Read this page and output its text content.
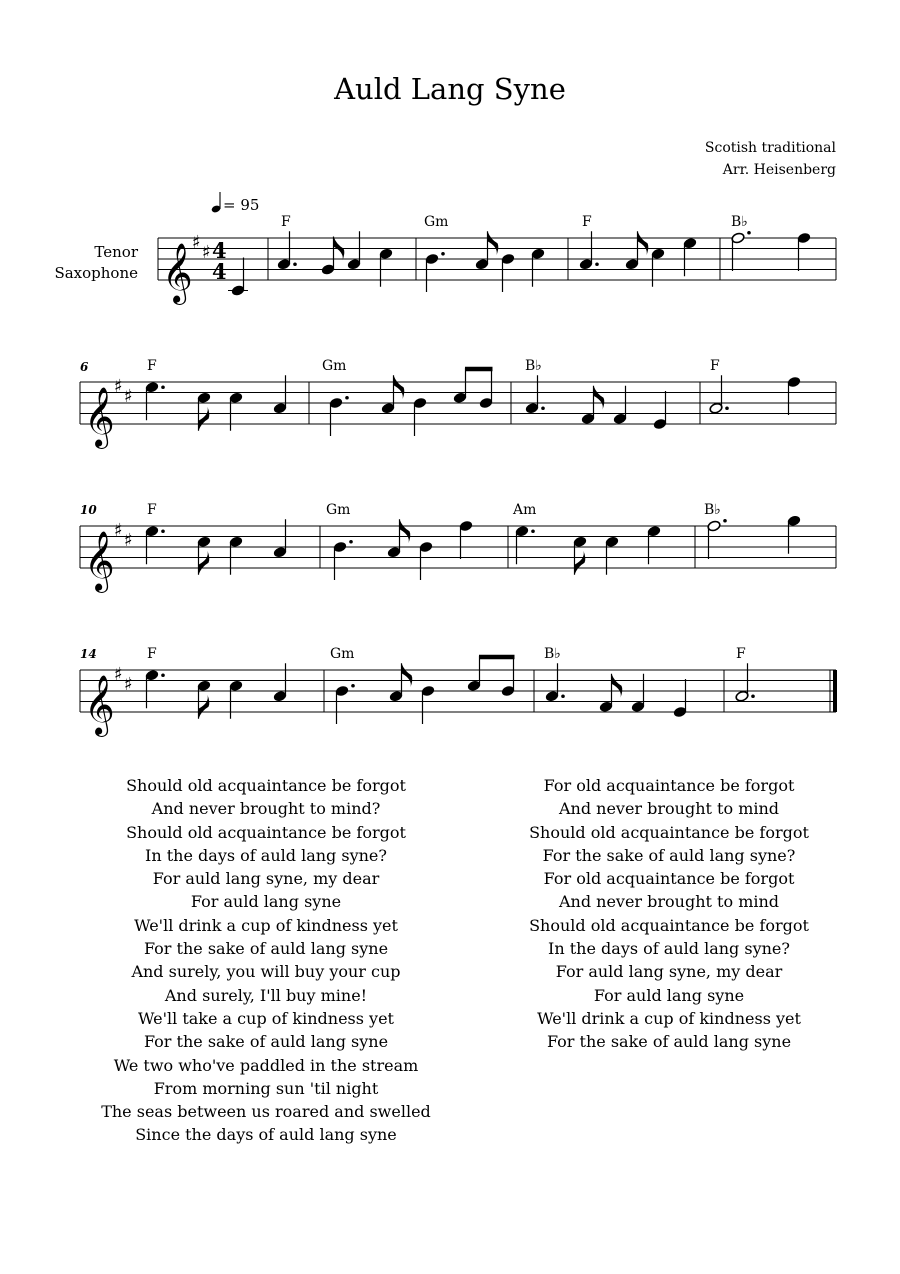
Auld Lang Syne
Scotish traditional
Arr. Heisenberg
Tenor
Saxophone
= 95
F	Gm	F	B♭
F	Gm	B♭	F
F	Gm	Am	B♭
F	Gm	B♭	F
6
10
14
𝄞
♯ ♯ 4
4
𝄞
♯ ♯
𝄞
♯ ♯
𝄞
♯ ♯
Should old acquaintance be forgot
And never brought to mind?
Should old acquaintance be forgot
In the days of auld lang syne?
For auld lang syne, my dear
For auld lang syne
We'll drink a cup of kindness yet
For the sake of auld lang syne
And surely, you will buy your cup
And surely, I'll buy mine!
We'll take a cup of kindness yet
For the sake of auld lang syne
We two who've paddled in the stream
From morning sun 'til night
The seas between us roared and swelled
Since the days of auld lang syne
For old acquaintance be forgot
And never brought to mind
Should old acquaintance be forgot
For the sake of auld lang syne?
For old acquaintance be forgot
And never brought to mind
Should old acquaintance be forgot
In the days of auld lang syne?
For auld lang syne, my dear
For auld lang syne
We'll drink a cup of kindness yet
For the sake of auld lang syne
